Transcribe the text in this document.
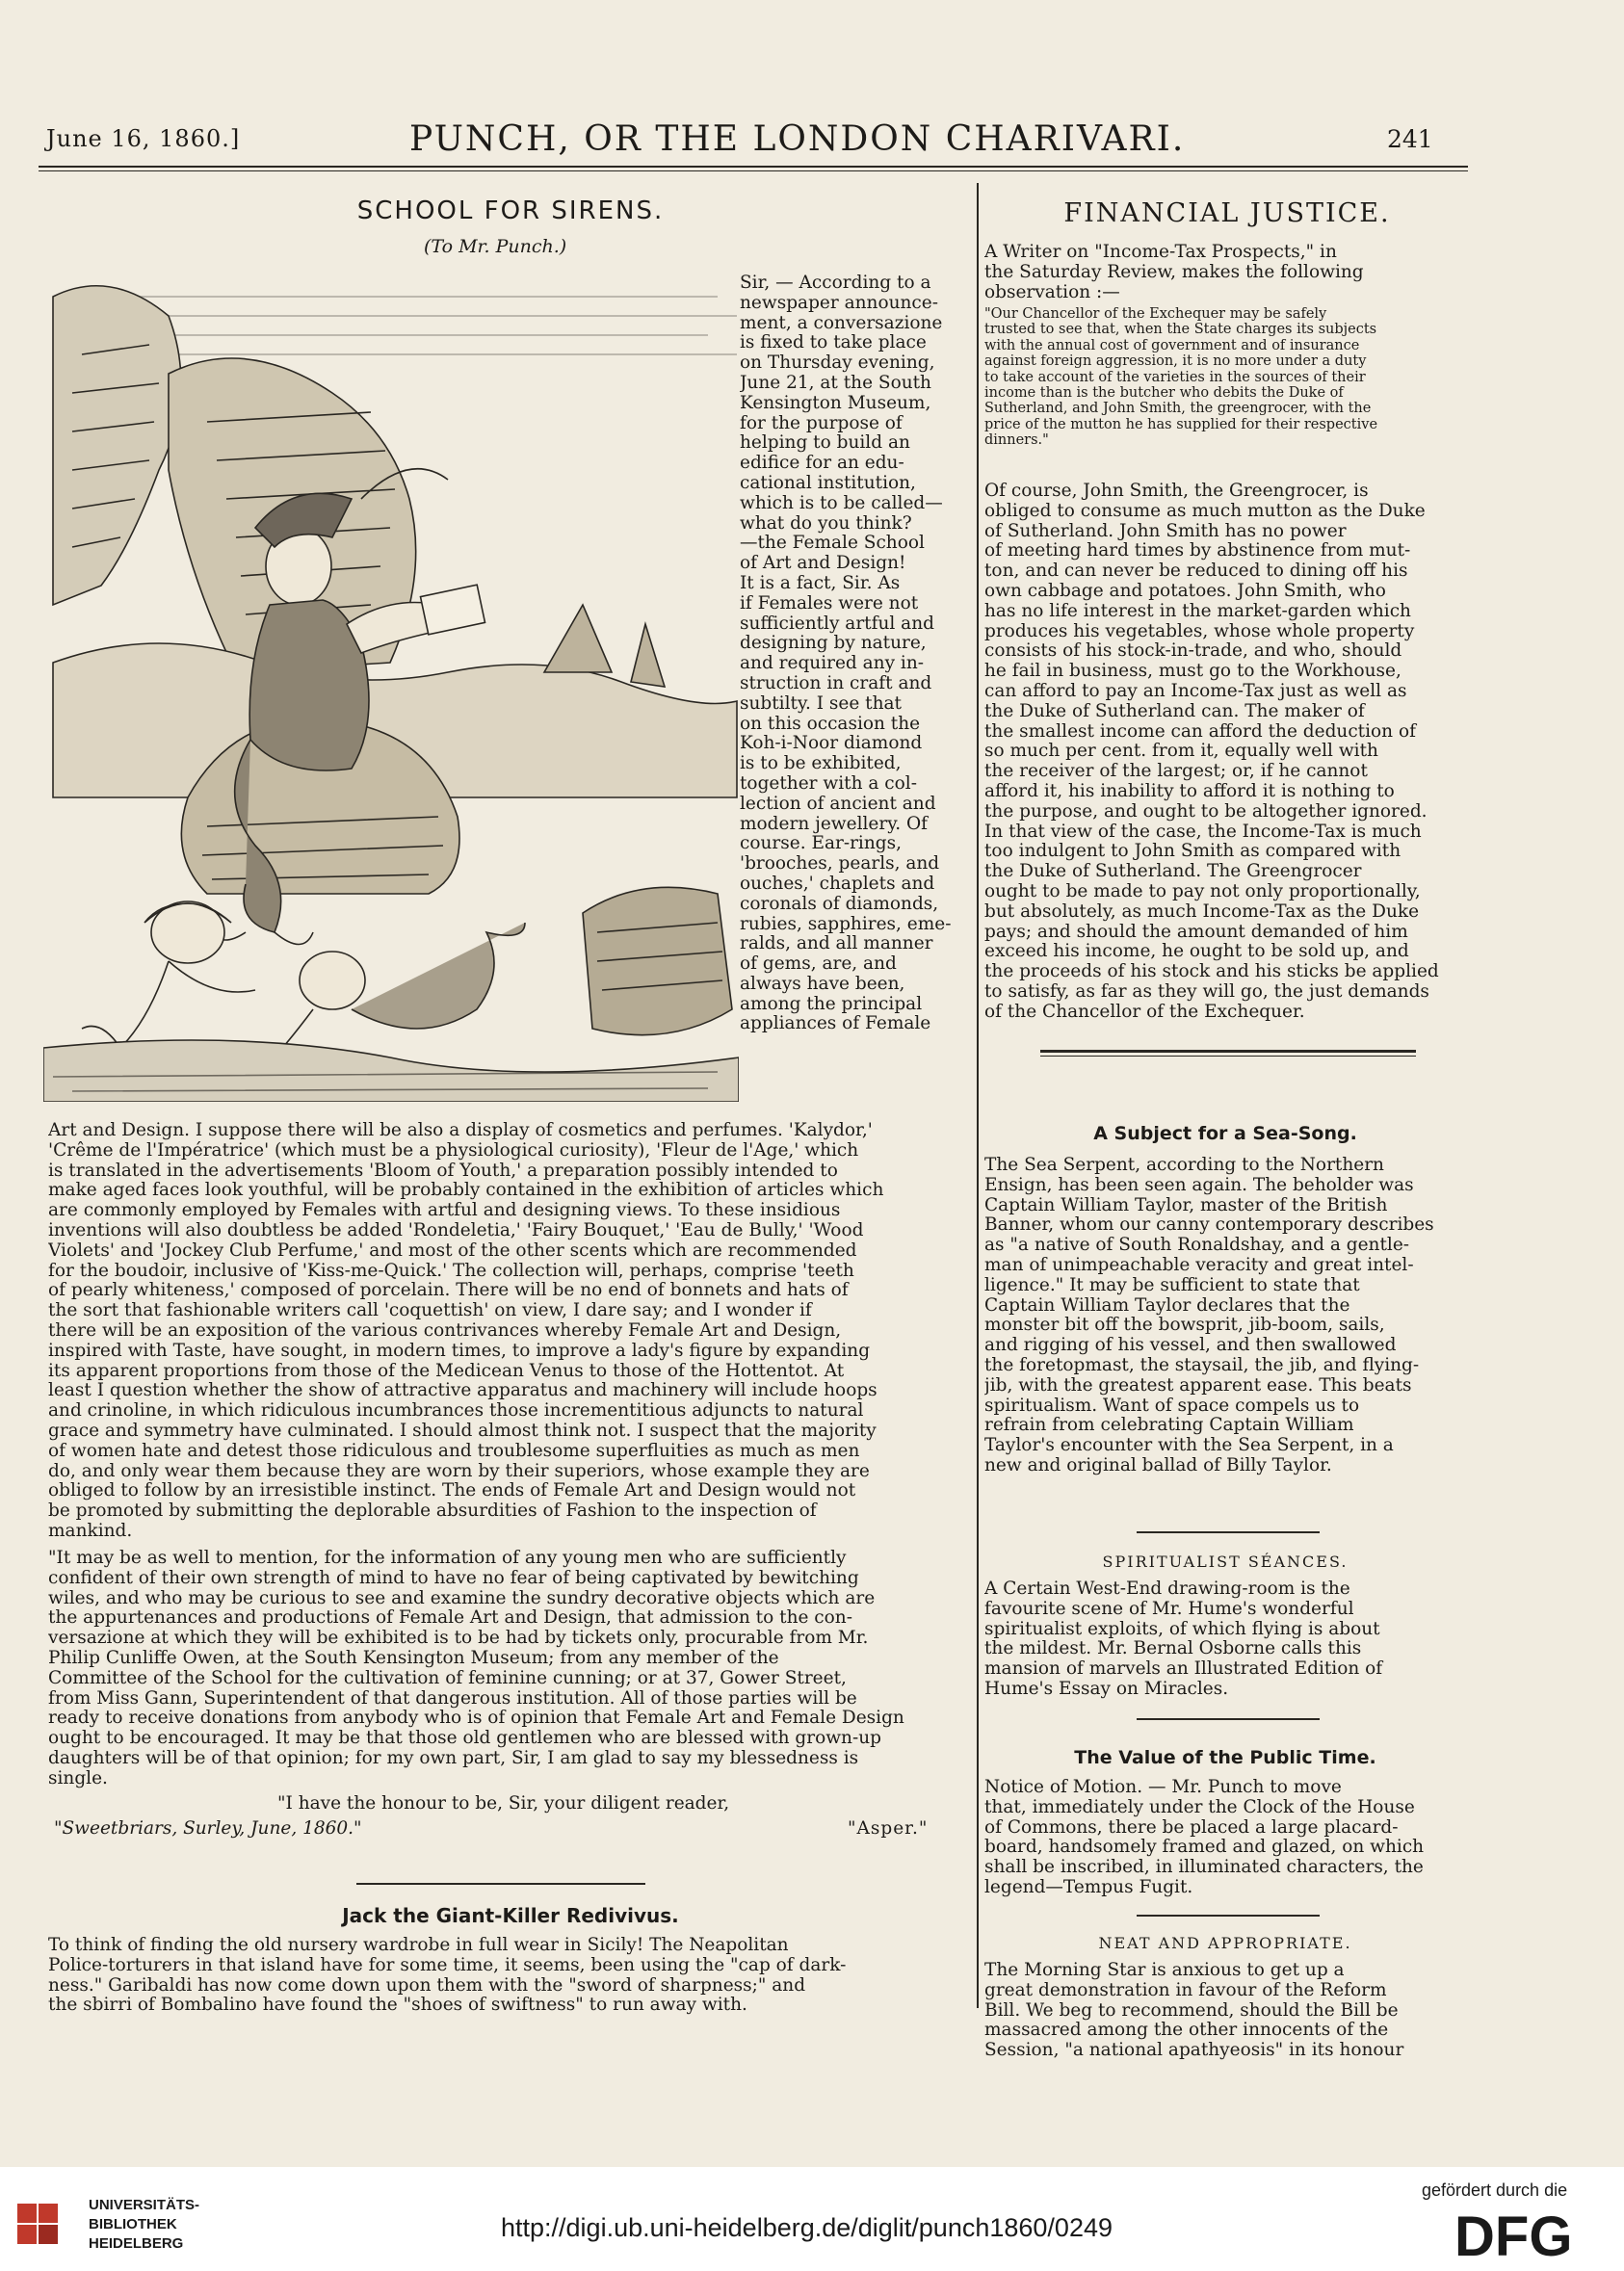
June 16, 1860.]	PUNCH, OR THE LONDON CHARIVARI.	241
SCHOOL FOR SIRENS.
(To Mr. Punch.)
Sir, — According to a
newspaper announce-
ment, a conversazione
is fixed to take place
on Thursday evening,
June 21, at the South
Kensington Museum,
for the purpose of
helping to build an
edifice for an edu-
cational institution,
which is to be called—
what do you think?
—the Female School
of Art and Design!
It is a fact, Sir. As
if Females were not
sufficiently artful and
designing by nature,
and required any in-
struction in craft and
subtilty. I see that
on this occasion the
Koh-i-Noor diamond
is to be exhibited,
together with a col-
lection of ancient and
modern jewellery. Of
course. Ear-rings,
'brooches, pearls, and
ouches,' chaplets and
coronals of diamonds,
rubies, sapphires, eme-
ralds, and all manner
of gems, are, and
always have been,
among the principal
appliances of Female
Art and Design. I suppose there will be also a display of cosmetics and perfumes. 'Kalydor,'
'Crême de l'Impératrice' (which must be a physiological curiosity), 'Fleur de l'Age,' which
is translated in the advertisements 'Bloom of Youth,' a preparation possibly intended to
make aged faces look youthful, will be probably contained in the exhibition of articles which
are commonly employed by Females with artful and designing views. To these insidious
inventions will also doubtless be added 'Rondeletia,' 'Fairy Bouquet,' 'Eau de Bully,' 'Wood
Violets' and 'Jockey Club Perfume,' and most of the other scents which are recommended
for the boudoir, inclusive of 'Kiss-me-Quick.' The collection will, perhaps, comprise 'teeth
of pearly whiteness,' composed of porcelain. There will be no end of bonnets and hats of
the sort that fashionable writers call 'coquettish' on view, I dare say; and I wonder if
there will be an exposition of the various contrivances whereby Female Art and Design,
inspired with Taste, have sought, in modern times, to improve a lady's figure by expanding
its apparent proportions from those of the Medicean Venus to those of the Hottentot. At
least I question whether the show of attractive apparatus and machinery will include hoops
and crinoline, in which ridiculous incumbrances those incrementitious adjuncts to natural
grace and symmetry have culminated. I should almost think not. I suspect that the majority
of women hate and detest those ridiculous and troublesome superfluities as much as men
do, and only wear them because they are worn by their superiors, whose example they are
obliged to follow by an irresistible instinct. The ends of Female Art and Design would not
be promoted by submitting the deplorable absurdities of Fashion to the inspection of
mankind.
"It may be as well to mention, for the information of any young men who are sufficiently
confident of their own strength of mind to have no fear of being captivated by bewitching
wiles, and who may be curious to see and examine the sundry decorative objects which are
the appurtenances and productions of Female Art and Design, that admission to the con-
versazione at which they will be exhibited is to be had by tickets only, procurable from Mr.
Philip Cunliffe Owen, at the South Kensington Museum; from any member of the
Committee of the School for the cultivation of feminine cunning; or at 37, Gower Street,
from Miss Gann, Superintendent of that dangerous institution. All of those parties will be
ready to receive donations from anybody who is of opinion that Female Art and Female Design
ought to be encouraged. It may be that those old gentlemen who are blessed with grown-up
daughters will be of that opinion; for my own part, Sir, I am glad to say my blessedness is
single.
"I have the honour to be, Sir, your diligent reader,
"Sweetbriars, Surley, June, 1860."	"Asper."
Jack the Giant-Killer Redivivus.
To think of finding the old nursery wardrobe in full wear in Sicily! The Neapolitan
Police-torturers in that island have for some time, it seems, been using the "cap of dark-
ness." Garibaldi has now come down upon them with the "sword of sharpness;" and
the sbirri of Bombalino have found the "shoes of swiftness" to run away with.
FINANCIAL JUSTICE.
A Writer on "Income-Tax Prospects," in
the Saturday Review, makes the following
observation :—
"Our Chancellor of the Exchequer may be safely
trusted to see that, when the State charges its subjects
with the annual cost of government and of insurance
against foreign aggression, it is no more under a duty
to take account of the varieties in the sources of their
income than is the butcher who debits the Duke of
Sutherland, and John Smith, the greengrocer, with the
price of the mutton he has supplied for their respective
dinners."
Of course, John Smith, the Greengrocer, is
obliged to consume as much mutton as the Duke
of Sutherland. John Smith has no power
of meeting hard times by abstinence from mut-
ton, and can never be reduced to dining off his
own cabbage and potatoes. John Smith, who
has no life interest in the market-garden which
produces his vegetables, whose whole property
consists of his stock-in-trade, and who, should
he fail in business, must go to the Workhouse,
can afford to pay an Income-Tax just as well as
the Duke of Sutherland can. The maker of
the smallest income can afford the deduction of
so much per cent. from it, equally well with
the receiver of the largest; or, if he cannot
afford it, his inability to afford it is nothing to
the purpose, and ought to be altogether ignored.
In that view of the case, the Income-Tax is much
too indulgent to John Smith as compared with
the Duke of Sutherland. The Greengrocer
ought to be made to pay not only proportionally,
but absolutely, as much Income-Tax as the Duke
pays; and should the amount demanded of him
exceed his income, he ought to be sold up, and
the proceeds of his stock and his sticks be applied
to satisfy, as far as they will go, the just demands
of the Chancellor of the Exchequer.
A Subject for a Sea-Song.
The Sea Serpent, according to the Northern
Ensign, has been seen again. The beholder was
Captain William Taylor, master of the British
Banner, whom our canny contemporary describes
as "a native of South Ronaldshay, and a gentle-
man of unimpeachable veracity and great intel-
ligence." It may be sufficient to state that
Captain William Taylor declares that the
monster bit off the bowsprit, jib-boom, sails,
and rigging of his vessel, and then swallowed
the foretopmast, the staysail, the jib, and flying-
jib, with the greatest apparent ease. This beats
spiritualism. Want of space compels us to
refrain from celebrating Captain William
Taylor's encounter with the Sea Serpent, in a
new and original ballad of Billy Taylor.
SPIRITUALIST SÉANCES.
A Certain West-End drawing-room is the
favourite scene of Mr. Hume's wonderful
spiritualist exploits, of which flying is about
the mildest. Mr. Bernal Osborne calls this
mansion of marvels an Illustrated Edition of
Hume's Essay on Miracles.
The Value of the Public Time.
Notice of Motion. — Mr. Punch to move
that, immediately under the Clock of the House
of Commons, there be placed a large placard-
board, handsomely framed and glazed, on which
shall be inscribed, in illuminated characters, the
legend—Tempus Fugit.
NEAT AND APPROPRIATE.
The Morning Star is anxious to get up a
great demonstration in favour of the Reform
Bill. We beg to recommend, should the Bill be
massacred among the other innocents of the
Session, "a national apathyeosis" in its honour
UNIVERSITÄTS-
BIBLIOTHEK
HEIDELBERG
http://digi.ub.uni-heidelberg.de/diglit/punch1860/0249
gefördert durch die
DFG
